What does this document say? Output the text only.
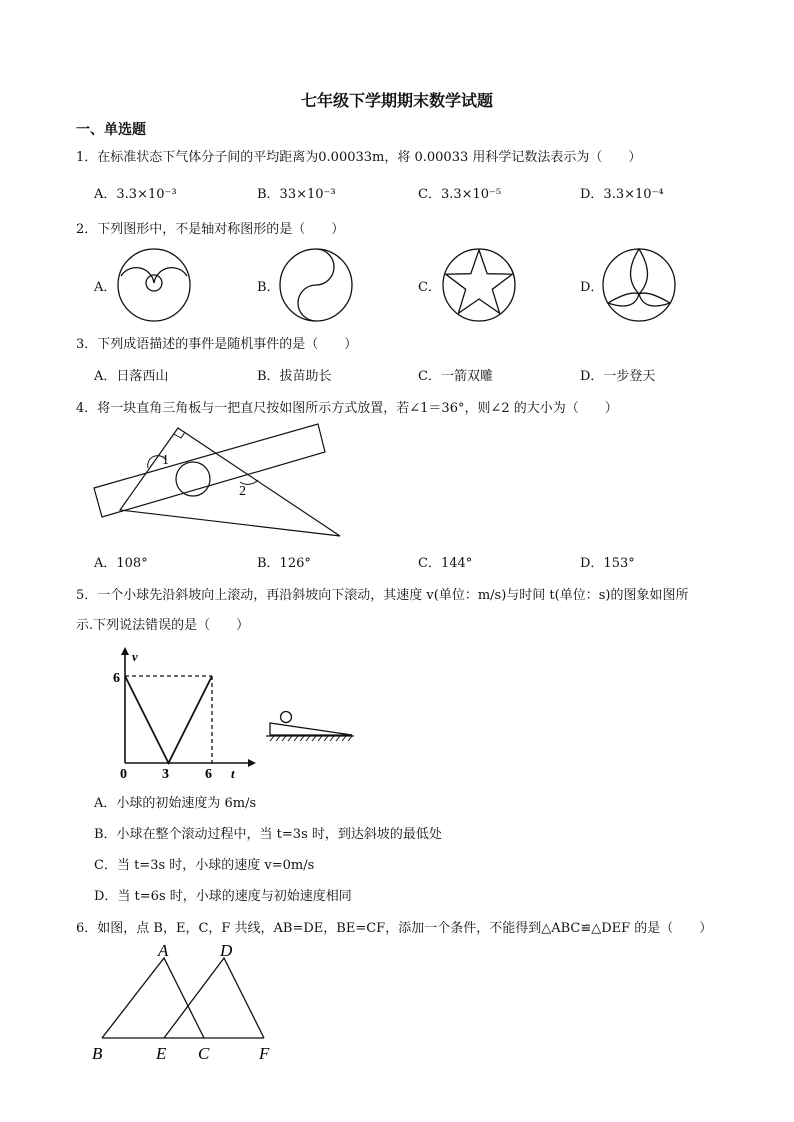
七年级下学期期末数学试题
一、单选题
1．在标准状态下气体分子间的平均距离为0.00033m，将 0.00033 用科学记数法表示为（　　）
A．3.3×10⁻³	B．33×10⁻³	C．3.3×10⁻⁵	D．3.3×10⁻⁴
2．下列图形中，不是轴对称图形的是（　　）
A．	B．	C．	D．
3．下列成语描述的事件是随机事件的是（　　）
A．日落西山	B．拔苗助长	C．一箭双雕	D．一步登天
4．将一块直角三角板与一把直尺按如图所示方式放置，若∠1＝36°，则∠2 的大小为（　　）
1
2
A．108°	B．126°	C．144°	D．153°
5．一个小球先沿斜坡向上滚动，再沿斜坡向下滚动，其速度 v(单位：m/s)与时间 t(单位：s)的图象如图所
示.下列说法错误的是（　　）
v
t
6
0	3	6
A．小球的初始速度为 6m/s
B．小球在整个滚动过程中，当 t=3s 时，到达斜坡的最低处
C．当 t=3s 时，小球的速度 v=0m/s
D．当 t=6s 时，小球的速度与初始速度相同
6．如图，点 B，E，C，F 共线，AB=DE，BE=CF，添加一个条件，不能得到△ABC≌△DEF 的是（　　）
A	D
B	E C	F
